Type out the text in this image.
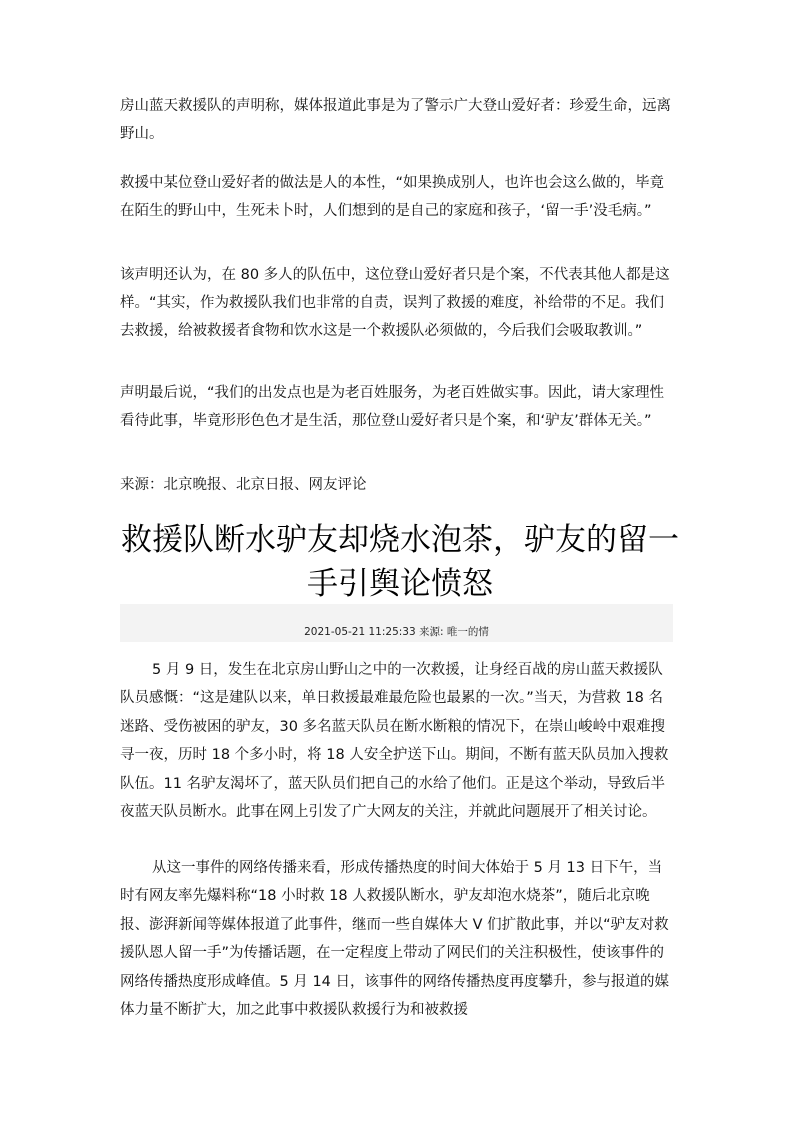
房山蓝天救援队的声明称，媒体报道此事是为了警示广大登山爱好者：珍爱生命，远离野山。

救援中某位登山爱好者的做法是人的本性，“如果换成别人，也许也会这么做的，毕竟在陌生的野山中，生死未卜时，人们想到的是自己的家庭和孩子，‘留一手’没毛病。”

该声明还认为，在 80 多人的队伍中，这位登山爱好者只是个案，不代表其他人都是这样。“其实，作为救援队我们也非常的自责，误判了救援的难度，补给带的不足。我们去救援，给被救援者食物和饮水这是一个救援队必须做的，今后我们会吸取教训。”

声明最后说，“我们的出发点也是为老百姓服务，为老百姓做实事。因此，请大家理性看待此事，毕竟形形色色才是生活，那位登山爱好者只是个案，和‘驴友’群体无关。”

来源：北京晚报、北京日报、网友评论

救援队断水驴友却烧水泡茶，驴友的留一手引舆论愤怒
2021-05-21 11:25:33 来源: 唯一的情

5 月 9 日，发生在北京房山野山之中的一次救援，让身经百战的房山蓝天救援队队员感慨：“这是建队以来，单日救援最难最危险也最累的一次。”当天，为营救 18 名迷路、受伤被困的驴友，30 多名蓝天队员在断水断粮的情况下，在崇山峻岭中艰难搜寻一夜，历时 18 个多小时，将 18 人安全护送下山。期间，不断有蓝天队员加入搜救队伍。11 名驴友渴坏了，蓝天队员们把自己的水给了他们。正是这个举动，导致后半夜蓝天队员断水。此事在网上引发了广大网友的关注，并就此问题展开了相关讨论。

从这一事件的网络传播来看，形成传播热度的时间大体始于 5 月 13 日下午，当时有网友率先爆料称“18 小时救 18 人救援队断水，驴友却泡水烧茶”，随后北京晚报、澎湃新闻等媒体报道了此事件，继而一些自媒体大 V 们扩散此事，并以“驴友对救援队恩人留一手”为传播话题，在一定程度上带动了网民们的关注积极性，使该事件的网络传播热度形成峰值。5 月 14 日，该事件的网络传播热度再度攀升，参与报道的媒体力量不断扩大，加之此事中救援队救援行为和被救援
